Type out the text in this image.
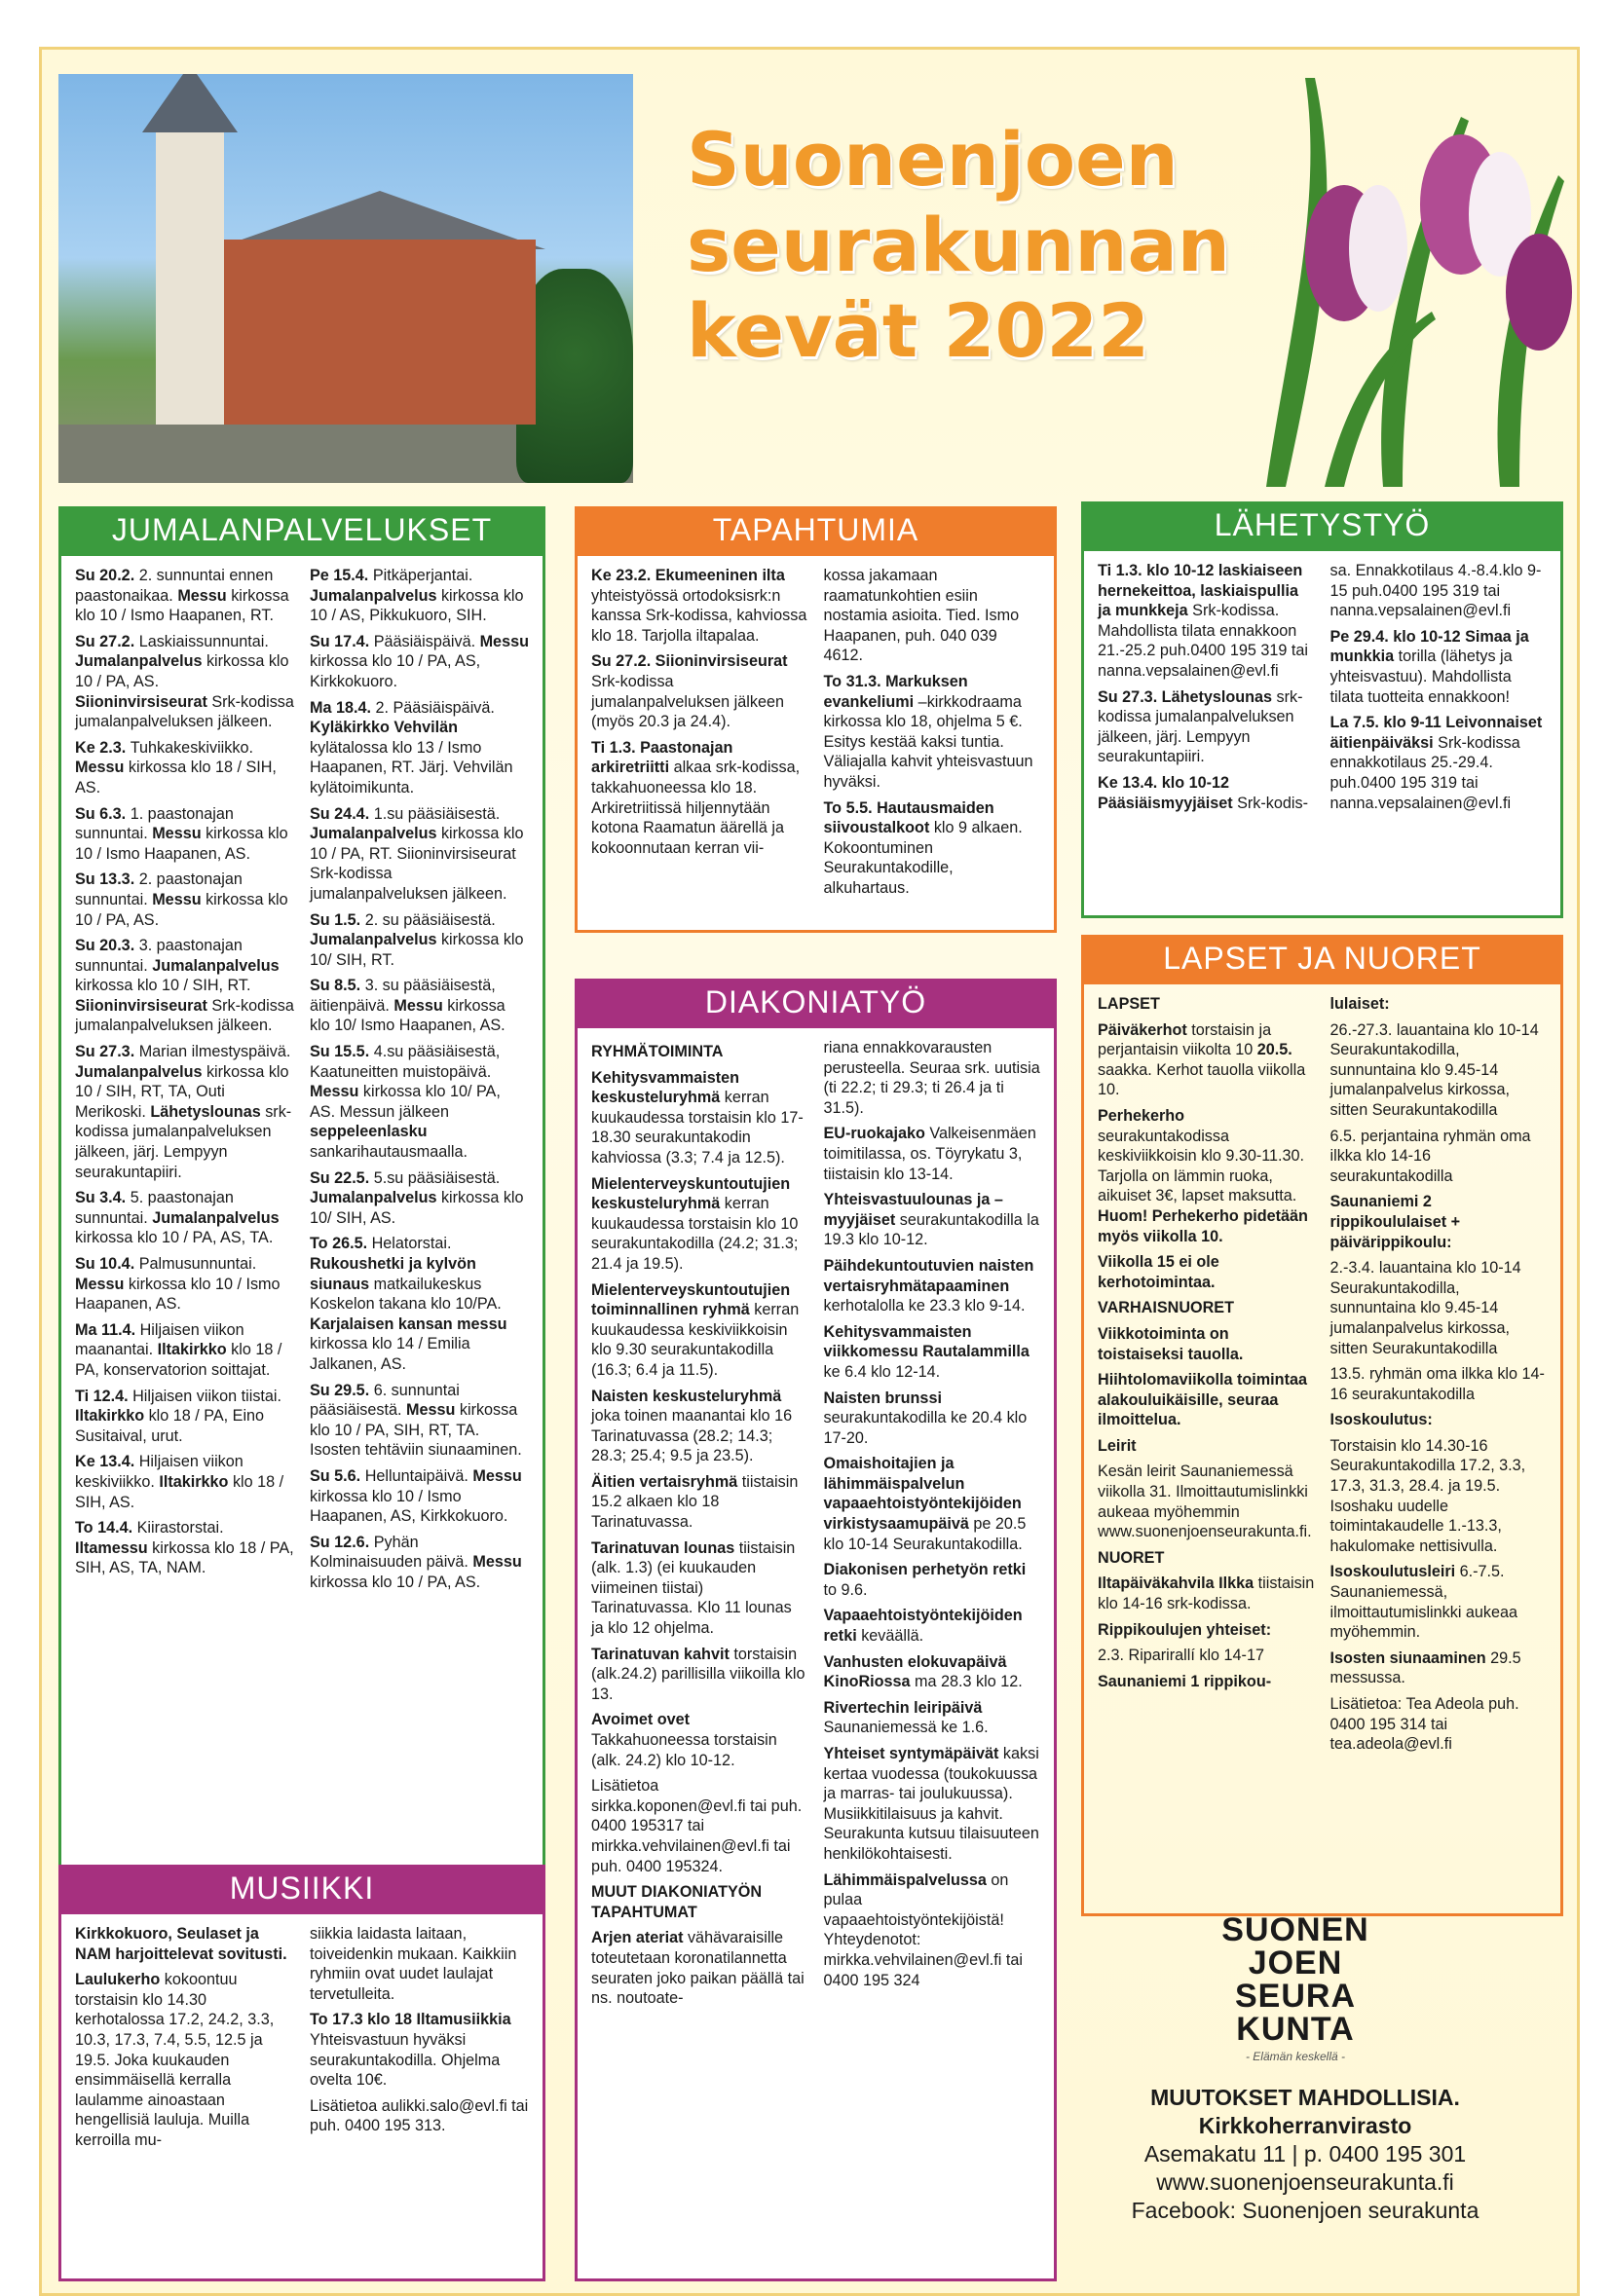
Suonenjoen
seurakunnan
kevät 2022
JUMALANPALVELUKSET
Su 20.2. 2. sunnuntai ennen paastonaikaa. Messu kirkossa klo 10 / Ismo Haapanen, RT.
Su 27.2. Laskiaissunnuntai. Jumalanpalvelus kirkossa klo 10 / PA, AS. Siioninvirsiseurat Srk-kodissa jumalanpalveluksen jälkeen.
Ke 2.3. Tuhkakeskiviikko. Messu kirkossa klo 18 / SIH, AS.
Su 6.3. 1. paastonajan sunnuntai. Messu kirkossa klo 10 / Ismo Haapanen, AS.
Su 13.3. 2. paastonajan sunnuntai. Messu kirkossa klo 10 / PA, AS.
Su 20.3. 3. paastonajan sunnuntai. Jumalanpalvelus kirkossa klo 10 / SIH, RT. Siioninvirsiseurat Srk-kodissa jumalanpalveluksen jälkeen.
Su 27.3. Marian ilmestyspäivä. Jumalanpalvelus kirkossa klo 10 / SIH, RT, TA, Outi Merikoski. Lähetyslounas srk-kodissa jumalanpalveluksen jälkeen, järj. Lempyyn seurakuntapiiri.
Su 3.4. 5. paastonajan sunnuntai. Jumalanpalvelus kirkossa klo 10 / PA, AS, TA.
Su 10.4. Palmusunnuntai. Messu kirkossa klo 10 / Ismo Haapanen, AS.
Ma 11.4. Hiljaisen viikon maanantai. Iltakirkko klo 18 / PA, konservatorion soittajat.
Ti 12.4. Hiljaisen viikon tiistai. Iltakirkko klo 18 / PA, Eino Susitaival, urut.
Ke 13.4. Hiljaisen viikon keskiviikko. Iltakirkko klo 18 / SIH, AS.
To 14.4. Kiirastorstai. Iltamessu kirkossa klo 18 / PA, SIH, AS, TA, NAM.
Pe 15.4. Pitkäperjantai. Jumalanpalvelus kirkossa klo 10 / AS, Pikkukuoro, SIH.
Su 17.4. Pääsiäispäivä. Messu kirkossa klo 10 / PA, AS, Kirkkokuoro.
Ma 18.4. 2. Pääsiäispäivä. Kyläkirkko Vehvilän kylätalossa klo 13 / Ismo Haapanen, RT. Järj. Vehvilän kylätoimikunta.
Su 24.4. 1.su pääsiäisestä. Jumalanpalvelus kirkossa klo 10 / PA, RT. Siioninvirsiseurat Srk-kodissa jumalanpalveluksen jälkeen.
Su 1.5. 2. su pääsiäisestä. Jumalanpalvelus kirkossa klo 10/ SIH, RT.
Su 8.5. 3. su pääsiäisestä, äitienpäivä. Messu kirkossa klo 10/ Ismo Haapanen, AS.
Su 15.5. 4.su pääsiäisestä, Kaatuneitten muistopäivä. Messu kirkossa klo 10/ PA, AS. Messun jälkeen seppeleenlasku sankarihautausmaalla.
Su 22.5. 5.su pääsiäisestä. Jumalanpalvelus kirkossa klo 10/ SIH, AS.
To 26.5. Helatorstai. Rukoushetki ja kylvön siunaus matkailukeskus Koskelon takana klo 10/PA. Karjalaisen kansan messu kirkossa klo 14 / Emilia Jalkanen, AS.
Su 29.5. 6. sunnuntai pääsiäisestä. Messu kirkossa klo 10 / PA, SIH, RT, TA. Isosten tehtäviin siunaaminen.
Su 5.6. Helluntaipäivä. Messu kirkossa klo 10 / Ismo Haapanen, AS, Kirkkokuoro.
Su 12.6. Pyhän Kolminaisuuden päivä. Messu kirkossa klo 10 / PA, AS.
MUSIIKKI
Kirkkokuoro, Seulaset ja NAM harjoittelevat sovitusti.
Laulukerho kokoontuu torstaisin klo 14.30 kerhotalossa 17.2, 24.2, 3.3, 10.3, 17.3, 7.4, 5.5, 12.5 ja 19.5. Joka kuukauden ensimmäisellä kerralla laulamme ainoastaan hengellisiä lauluja. Muilla kerroilla mu-
siikkia laidasta laitaan, toiveidenkin mukaan. Kaikkiin ryhmiin ovat uudet laulajat tervetulleita.
To 17.3 klo 18 Iltamusiikkia Yhteisvastuun hyväksi seurakuntakodilla. Ohjelma ovelta 10€.
Lisätietoa aulikki.salo@evl.fi tai puh. 0400 195 313.
TAPAHTUMIA
Ke 23.2. Ekumeeninen ilta yhteistyössä ortodoksisrk:n kanssa Srk-kodissa, kahviossa klo 18. Tarjolla iltapalaa.
Su 27.2. Siioninvirsiseurat Srk-kodissa jumalanpalveluksen jälkeen (myös 20.3 ja 24.4).
Ti 1.3. Paastonajan arkiretriitti alkaa srk-kodissa, takkahuoneessa klo 18. Arkiretriitissä hiljennytään kotona Raamatun äärellä ja kokoonnutaan kerran vii-
kossa jakamaan raamatunkohtien esiin nostamia asioita. Tied. Ismo Haapanen, puh. 040 039 4612.
To 31.3. Markuksen evankeliumi –kirkkodraama kirkossa klo 18, ohjelma 5 €. Esitys kestää kaksi tuntia. Väliajalla kahvit yhteisvastuun hyväksi.
To 5.5. Hautausmaiden siivoustalkoot klo 9 alkaen. Kokoontuminen Seurakuntakodille, alkuhartaus.
DIAKONIATYÖ
RYHMÄTOIMINTA
Kehitysvammaisten keskusteluryhmä kerran kuukaudessa torstaisin klo 17-18.30 seurakuntakodin kahviossa (3.3; 7.4 ja 12.5).
Mielenterveyskuntoutujien keskusteluryhmä kerran kuukaudessa torstaisin klo 10 seurakuntakodilla (24.2; 31.3; 21.4 ja 19.5).
Mielenterveyskuntoutujien toiminnallinen ryhmä kerran kuukaudessa keskiviikkoisin klo 9.30 seurakuntakodilla (16.3; 6.4 ja 11.5).
Naisten keskusteluryhmä joka toinen maanantai klo 16 Tarinatuvassa (28.2; 14.3; 28.3; 25.4; 9.5 ja 23.5).
Äitien vertaisryhmä tiistaisin 15.2 alkaen klo 18 Tarinatuvassa.
Tarinatuvan lounas tiistaisin (alk. 1.3) (ei kuukauden viimeinen tiistai) Tarinatuvassa. Klo 11 lounas ja klo 12 ohjelma.
Tarinatuvan kahvit torstaisin (alk.24.2) parillisilla viikoilla klo 13.
Avoimet ovet Takkahuoneessa torstaisin (alk. 24.2) klo 10-12.
Lisätietoa sirkka.koponen@evl.fi tai puh. 0400 195317 tai mirkka.vehvilainen@evl.fi tai puh. 0400 195324.
MUUT DIAKONIATYÖN TAPAHTUMAT
Arjen ateriat vähävaraisille toteutetaan koronatilannetta seuraten joko paikan päällä tai ns. noutoate-
riana ennakkovarausten perusteella. Seuraa srk. uutisia (ti 22.2; ti 29.3; ti 26.4 ja ti 31.5).
EU-ruokajako Valkeisenmäen toimitilassa, os. Töyrykatu 3, tiistaisin klo 13-14.
Yhteisvastuulounas ja –myyjäiset seurakuntakodilla la 19.3 klo 10-12.
Päihdekuntoutuvien naisten vertaisryhmätapaaminen kerhotalolla ke 23.3 klo 9-14.
Kehitysvammaisten viikkomessu Rautalammilla ke 6.4 klo 12-14.
Naisten brunssi seurakuntakodilla ke 20.4 klo 17-20.
Omaishoitajien ja lähimmäispalvelun vapaaehtoistyöntekijöiden virkistysaamupäivä pe 20.5 klo 10-14 Seurakuntakodilla.
Diakonisen perhetyön retki to 9.6.
Vapaaehtoistyöntekijöiden retki keväällä.
Vanhusten elokuvapäivä KinoRiossa ma 28.3 klo 12.
Rivertechin leiripäivä Saunaniemessä ke 1.6.
Yhteiset syntymäpäivät kaksi kertaa vuodessa (toukokuussa ja marras- tai joulukuussa). Musiikkitilaisuus ja kahvit. Seurakunta kutsuu tilaisuuteen henkilökohtaisesti.
Lähimmäispalvelussa on pulaa vapaaehtoistyöntekijöistä! Yhteydenotot: mirkka.vehvilainen@evl.fi tai 0400 195 324
LÄHETYSTYÖ
Ti 1.3. klo 10-12 laskiaiseen hernekeittoa, laskiaispullia ja munkkeja Srk-kodissa. Mahdollista tilata ennakkoon 21.-25.2 puh.0400 195 319 tai nanna.vepsalainen@evl.fi
Su 27.3. Lähetyslounas srk-kodissa jumalanpalveluksen jälkeen, järj. Lempyyn seurakuntapiiri.
Ke 13.4. klo 10-12 Pääsiäismyyjäiset Srk-kodis-
sa. Ennakkotilaus 4.-8.4.klo 9-15 puh.0400 195 319 tai nanna.vepsalainen@evl.fi
Pe 29.4. klo 10-12 Simaa ja munkkia torilla (lähetys ja yhteisvastuu). Mahdollista tilata tuotteita ennakkoon!
La 7.5. klo 9-11 Leivonnaiset äitienpäiväksi Srk-kodissa ennakkotilaus 25.-29.4. puh.0400 195 319 tai nanna.vepsalainen@evl.fi
LAPSET JA NUORET
LAPSET
Päiväkerhot torstaisin ja perjantaisin viikolta 10 20.5. saakka. Kerhot tauolla viikolla 10.
Perhekerho seurakuntakodissa keskiviikkoisin klo 9.30-11.30. Tarjolla on lämmin ruoka, aikuiset 3€, lapset maksutta. Huom! Perhekerho pidetään myös viikolla 10.
Viikolla 15 ei ole kerhotoimintaa.
VARHAISNUORET
Viikkotoiminta on toistaiseksi tauolla.
Hiihtolomaviikolla toimintaa alakouluikäisille, seuraa ilmoittelua.
Leirit
Kesän leirit Saunaniemessä viikolla 31. Ilmoittautumislinkki aukeaa myöhemmin www.suonenjoenseurakunta.fi.
NUORET
Iltapäiväkahvila Ilkka tiistaisin klo 14-16 srk-kodissa.
Rippikoulujen yhteiset:
2.3. Riparirallí klo 14-17
Saunaniemi 1 rippikou-
lulaiset:
26.-27.3. lauantaina klo 10-14 Seurakuntakodilla, sunnuntaina klo 9.45-14 jumalanpalvelus kirkossa, sitten Seurakuntakodilla
6.5. perjantaina ryhmän oma ilkka klo 14-16 seurakuntakodilla
Saunaniemi 2 rippikoululaiset + päivärippikoulu:
2.-3.4. lauantaina klo 10-14 Seurakuntakodilla, sunnuntaina klo 9.45-14 jumalanpalvelus kirkossa, sitten Seurakuntakodilla
13.5. ryhmän oma ilkka klo 14-16 seurakuntakodilla
Isoskoulutus:
Torstaisin klo 14.30-16 Seurakuntakodilla 17.2, 3.3, 17.3, 31.3, 28.4. ja 19.5. Isoshaku uudelle toimintakaudelle 1.-13.3, hakulomake nettisivulla.
Isoskoulutusleiri 6.-7.5. Saunaniemessä, ilmoittautumislinkki aukeaa myöhemmin.
Isosten siunaaminen 29.5 messussa.
Lisätietoa: Tea Adeola puh. 0400 195 314 tai tea.adeola@evl.fi
SUONEN
JOEN
SEURA
KUNTA
- Elämän keskellä -
MUUTOKSET MAHDOLLISIA.
Kirkkoherranvirasto
Asemakatu 11 | p. 0400 195 301
www.suonenjoenseurakunta.fi
Facebook: Suonenjoen seurakunta
